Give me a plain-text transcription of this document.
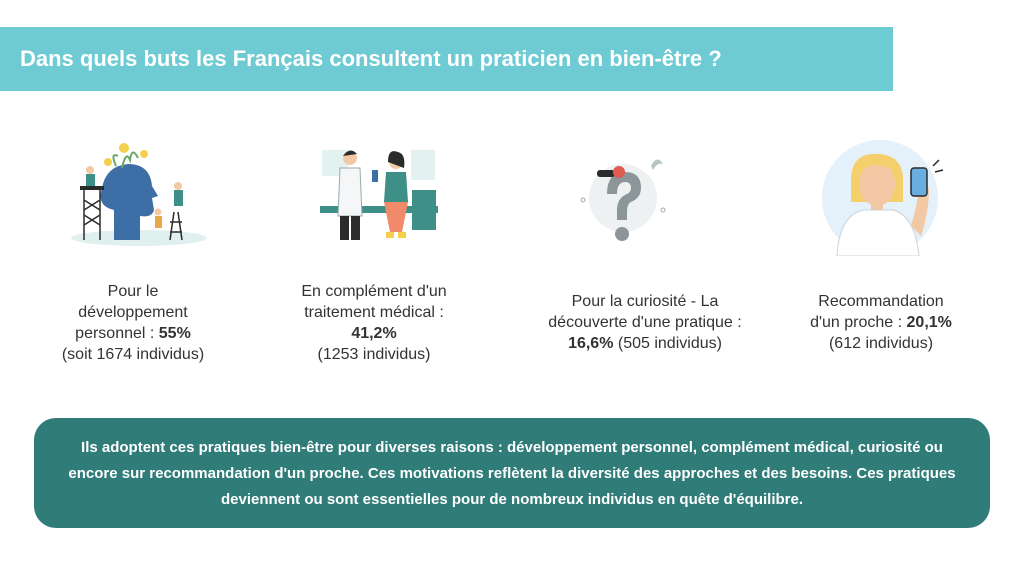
Dans quels buts les Français consultent un praticien en bien-être ?
Pour le
développement
personnel : 55%
(soit 1674 individus)
En complément d'un
traitement médical :
41,2%
(1253 individus)
Pour la curiosité - La
découverte d'une pratique :
16,6% (505 individus)
Recommandation
d'un proche : 20,1%
(612 individus)

Ils adoptent ces pratiques bien-être pour diverses raisons : développement personnel, complément médical, curiosité ou encore sur recommandation d'un proche. Ces motivations reflètent la diversité des approches et des besoins. Ces pratiques deviennent ou sont essentielles pour de nombreux individus en quête d'équilibre.
